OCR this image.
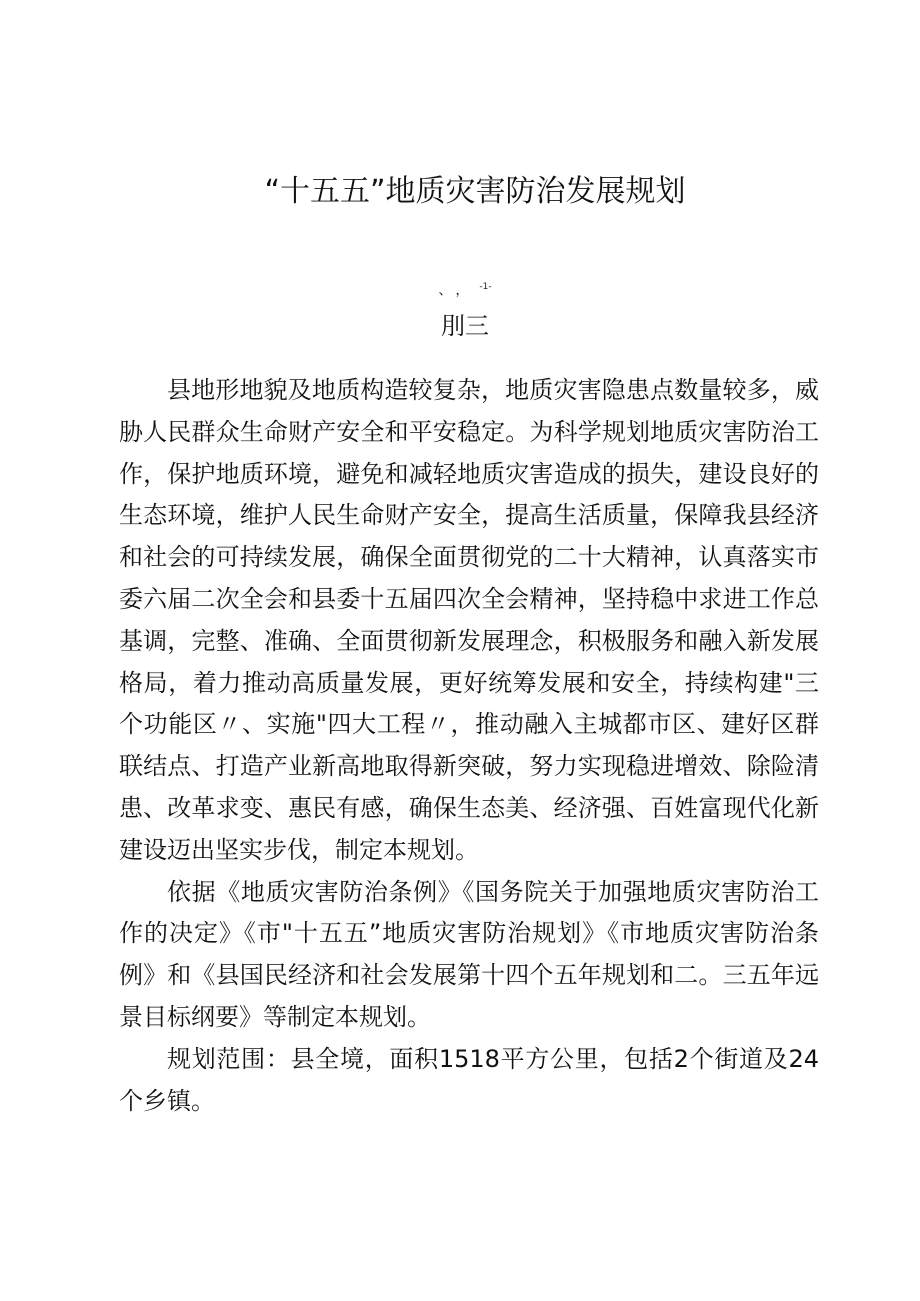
“十五五”地质灾害防治发展规划
、，$^{-1-}$
刖三

县地形地貌及地质构造较复杂，地质灾害隐患点数量较多，威胁人民群众生命财产安全和平安稳定。为科学规划地质灾害防治工作，保护地质环境，避免和减轻地质灾害造成的损失，建设良好的生态环境，维护人民生命财产安全，提高生活质量，保障我县经济和社会的可持续发展，确保全面贯彻党的二十大精神，认真落实市委六届二次全会和县委十五届四次全会精神，坚持稳中求进工作总基调，完整、准确、全面贯彻新发展理念，积极服务和融入新发展格局，着力推动高质量发展，更好统筹发展和安全，持续构建"三个功能区〃、实施"四大工程〃，推动融入主城都市区、建好区群联结点、打造产业新高地取得新突破，努力实现稳进增效、除险清患、改革求变、惠民有感，确保生态美、经济强、百姓富现代化新建设迈出坚实步伐，制定本规划。

依据《地质灾害防治条例》《国务院关于加强地质灾害防治工作的决定》《市"十五五”地质灾害防治规划》《市地质灾害防治条例》和《县国民经济和社会发展第十四个五年规划和二。三五年远景目标纲要》等制定本规划。

规划范围：县全境，面积1518平方公里，包括2个街道及24个乡镇。
